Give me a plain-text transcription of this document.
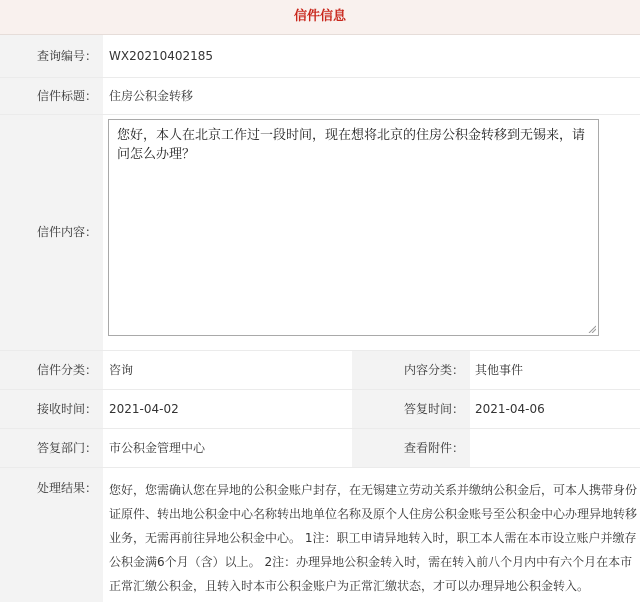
信件信息
查询编号：	WX20210402185
信件标题：	住房公积金转移
信件内容：
您好，本人在北京工作过一段时间，现在想将北京的住房公积金转移到无锡来，请问怎么办理？
信件分类：	咨询	内容分类： 其他事件
接收时间：	2021-04-02	答复时间： 2021-04-06
答复部门：	市公积金管理中心	查看附件：
处理结果：	您好，您需确认您在异地的公积金账户封存，在无锡建立劳动关系并缴纳公积金后，可本人携带身份证原件、转出地公积金中心名称转出地单位名称及原个人住房公积金账号至公积金中心办理异地转移业务，无需再前往异地公积金中心。 1注：职工申请异地转入时，职工本人需在本市设立账户并缴存公积金满6个月（含）以上。 2注：办理异地公积金转入时，需在转入前八个月内中有六个月在本市正常汇缴公积金，且转入时本市公积金账户为正常汇缴状态，才可以办理异地公积金转入。
